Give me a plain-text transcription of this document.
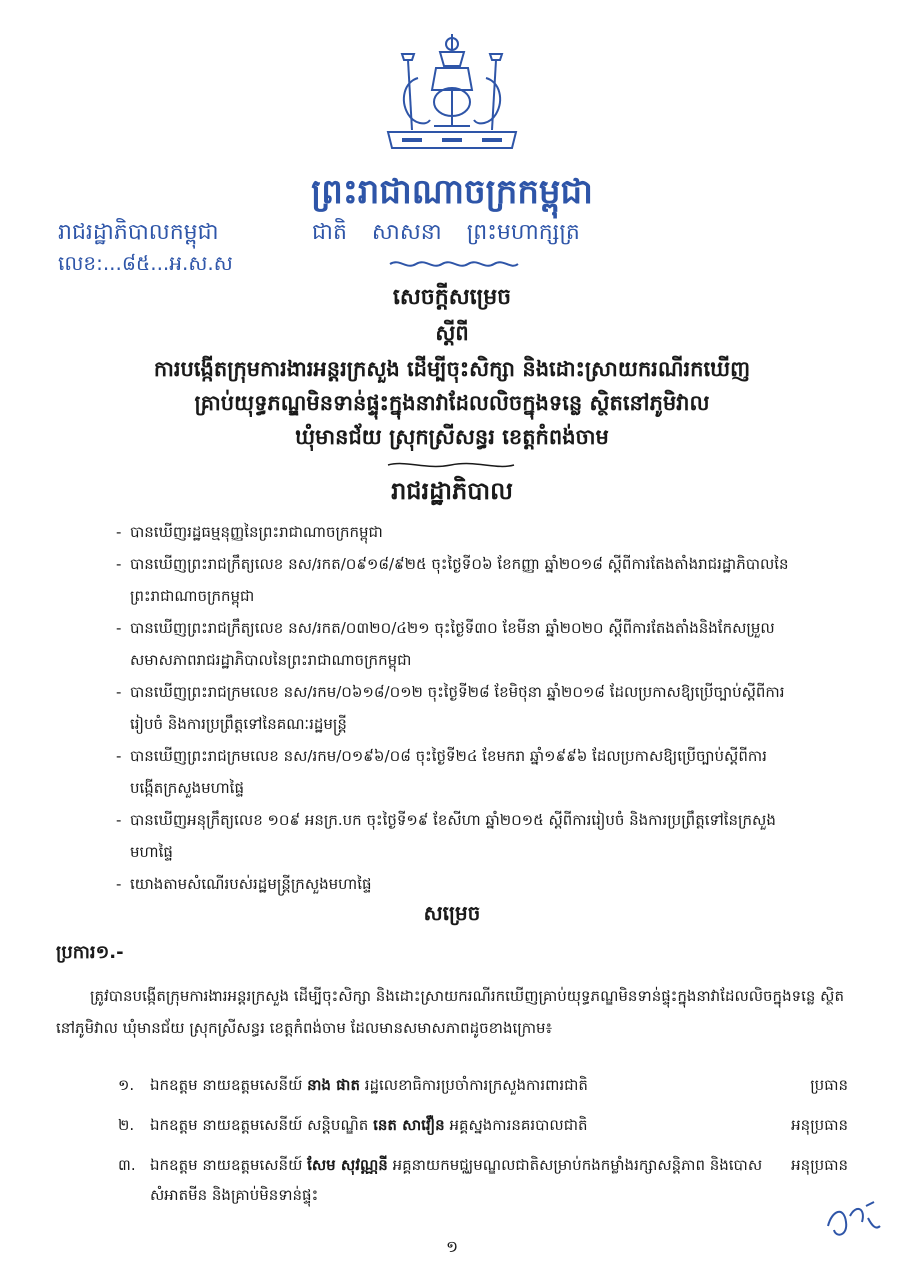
ព្រះរាជាណាចក្រកម្ពុជា
រាជរដ្ឋាភិបាលកម្ពុជា	ជាតិ សាសនា ព្រះមហាក្សត្រ
លេខ:...៨៥...អ.ស.ស
សេចក្តីសម្រេច
ស្តីពី
ការបង្កើតក្រុមការងារអន្តរក្រសួង ដើម្បីចុះសិក្សា និងដោះស្រាយករណីរកឃើញ
គ្រាប់យុទ្ធភណ្ឌមិនទាន់ផ្ទុះក្នុងនាវាដែលលិចក្នុងទន្លេ ស្ថិតនៅភូមិវាល
ឃុំមានជ័យ ស្រុកស្រីសន្ធរ ខេត្តកំពង់ចាម
រាជរដ្ឋាភិបាល
- បានឃើញរដ្ឋធម្មនុញ្ញនៃព្រះរាជាណាចក្រកម្ពុជា
- បានឃើញព្រះរាជក្រឹត្យលេខ នស/រកត/០៩១៨/៩២៥ ចុះថ្ងៃទី០៦ ខែកញ្ញា ឆ្នាំ២០១៨ ស្តីពីការតែងតាំងរាជរដ្ឋាភិបាលនៃព្រះរាជាណាចក្រកម្ពុជា
- បានឃើញព្រះរាជក្រឹត្យលេខ នស/រកត/០៣២០/៤២១ ចុះថ្ងៃទី៣០ ខែមីនា ឆ្នាំ២០២០ ស្តីពីការតែងតាំងនិងកែសម្រួលសមាសភាពរាជរដ្ឋាភិបាលនៃព្រះរាជាណាចក្រកម្ពុជា
- បានឃើញព្រះរាជក្រមលេខ នស/រកម/០៦១៨/០១២ ចុះថ្ងៃទី២៨ ខែមិថុនា ឆ្នាំ២០១៨ ដែលប្រកាសឱ្យប្រើច្បាប់ស្តីពីការរៀបចំ និងការប្រព្រឹត្តទៅនៃគណៈរដ្ឋមន្ត្រី
- បានឃើញព្រះរាជក្រមលេខ នស/រកម/០១៩៦/០៨ ចុះថ្ងៃទី២៤ ខែមករា ឆ្នាំ១៩៩៦ ដែលប្រកាសឱ្យប្រើច្បាប់ស្តីពីការបង្កើតក្រសួងមហាផ្ទៃ
- បានឃើញអនុក្រឹត្យលេខ ១០៩ អនក្រ.បក ចុះថ្ងៃទី១៩ ខែសីហា ឆ្នាំ២០១៥ ស្តីពីការរៀបចំ និងការប្រព្រឹត្តទៅនៃក្រសួងមហាផ្ទៃ
- យោងតាមសំណើរបស់រដ្ឋមន្ត្រីក្រសួងមហាផ្ទៃ
សម្រេច
ប្រការ១.-
ត្រូវបានបង្កើតក្រុមការងារអន្តរក្រសួង ដើម្បីចុះសិក្សា និងដោះស្រាយករណីរកឃើញគ្រាប់យុទ្ធភណ្ឌមិនទាន់ផ្ទុះក្នុងនាវាដែលលិចក្នុងទន្លេ ស្ថិតនៅភូមិវាល ឃុំមានជ័យ ស្រុកស្រីសន្ធរ ខេត្តកំពង់ចាម ដែលមានសមាសភាពដូចខាងក្រោម៖
១.	ឯកឧត្តម នាយឧត្តមសេនីយ៍ នាង ផាត រដ្ឋលេខាធិការប្រចាំការក្រសួងការពារជាតិ	ប្រធាន
២.	ឯកឧត្តម នាយឧត្តមសេនីយ៍ សន្តិបណ្ឌិត នេត សាវឿន អគ្គស្នងការនគរបាលជាតិ	អនុប្រធាន
៣. ឯកឧត្តម នាយឧត្តមសេនីយ៍ សែម សុវណ្ណនី អគ្គនាយកមជ្ឈមណ្ឌលជាតិសម្រាប់កងកម្លាំងរក្សាសន្តិភាព និងបោសសំអាតមីន និងគ្រាប់មិនទាន់ផ្ទុះ
អនុប្រធាន
១
